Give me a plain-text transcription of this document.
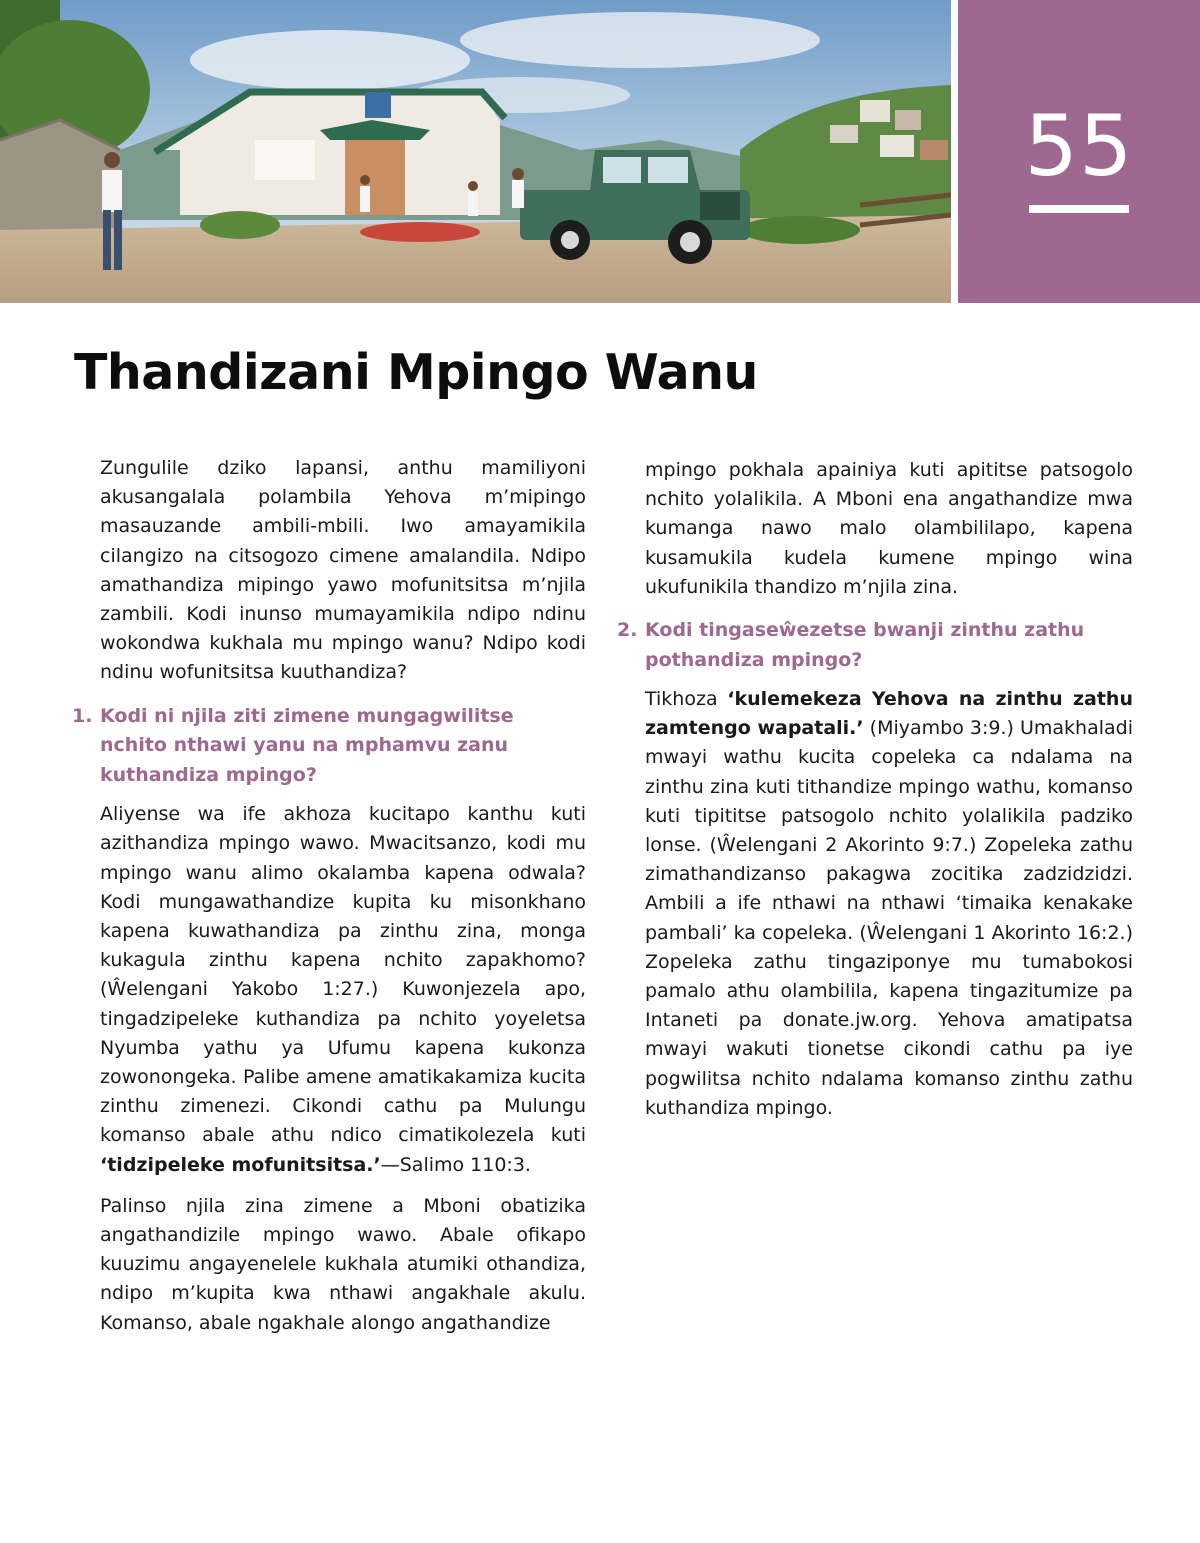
55
Thandizani Mpingo Wanu

Zungulile dziko lapansi, anthu mamiliyoni akusangalala polambila Yehova m’mipingo masauzande ambili-mbili. Iwo amayamikila cilangizo na citsogozo cimene amalandila. Ndipo amathandiza mipingo yawo mofunitsitsa m’njila zambili. Kodi inunso mumayamikila ndipo ndinu wokondwa kukhala mu mpingo wanu? Ndipo kodi ndinu wofunitsitsa kuuthandiza?

1. Kodi ni njila ziti zimene mungagwilitse nchito nthawi yanu na mphamvu zanu kuthandiza mpingo?

Aliyense wa ife akhoza kucitapo kanthu kuti azithandiza mpingo wawo. Mwacitsanzo, kodi mu mpingo wanu alimo okalamba kapena odwala? Kodi mungawathandize kupita ku misonkhano kapena kuwathandiza pa zinthu zina, monga kukagula zinthu kapena nchito zapakhomo? (Ŵelengani Yakobo 1:27.) Kuwonjezela apo, tingadzipeleke kuthandiza pa nchito yoyeletsa Nyumba yathu ya Ufumu kapena kukonza zowonongeka. Palibe amene amatikakamiza kucita zinthu zimenezi. Cikondi cathu pa Mulungu komanso abale athu ndico cimatikolezela kuti ‘tidzipeleke mofunitsitsa.’—Salimo 110:3.

Palinso njila zina zimene a Mboni obatizika angathandizile mpingo wawo. Abale ofikapo kuuzimu angayenelele kukhala atumiki othandiza, ndipo m’kupita kwa nthawi angakhale akulu. Komanso, abale ngakhale alongo angathandize

mpingo pokhala apainiya kuti apititse patsogolo nchito yolalikila. A Mboni ena angathandize mwa kumanga nawo malo olambililapo, kapena kusamukila kudela kumene mpingo wina ukufunikila thandizo m’njila zina.

2. Kodi tingaseŵezetse bwanji zinthu zathu pothandiza mpingo?

Tikhoza ‘kulemekeza Yehova na zinthu zathu zamtengo wapatali.’ (Miyambo 3:9.) Umakhaladi mwayi wathu kucita copeleka ca ndalama na zinthu zina kuti tithandize mpingo wathu, komanso kuti tipititse patsogolo nchito yolalikila padziko lonse. (Ŵelengani 2 Akorinto 9:7.) Zopeleka zathu zimathandizanso pakagwa zocitika zadzidzidzi. Ambili a ife nthawi na nthawi ‘timaika kenakake pambali’ ka copeleka. (Ŵelengani 1 Akorinto 16:2.) Zopeleka zathu tingaziponye mu tumabokosi pamalo athu olambilila, kapena tingazitumize pa Intaneti pa donate.jw.org. Yehova amatipatsa mwayi wakuti tionetse cikondi cathu pa iye pogwilitsa nchito ndalama komanso zinthu zathu kuthandiza mpingo.
